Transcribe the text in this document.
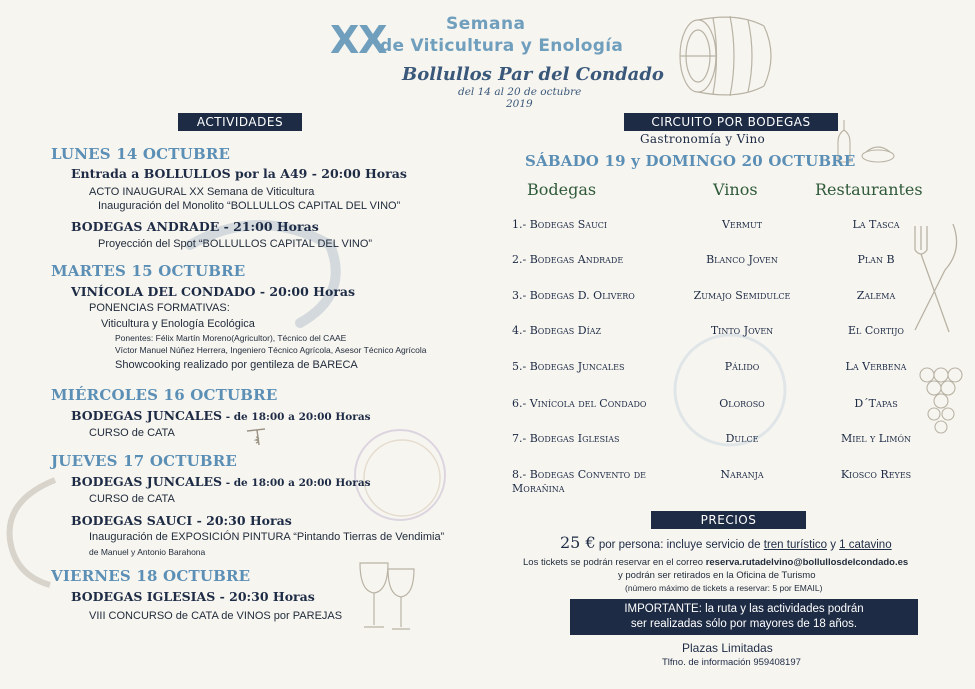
XX	Semana
de Viticultura y Enología
Bollullos Par del Condado
del 14 al 20 de octubre
2019
ACTIVIDADES
LUNES 14 OCTUBRE
Entrada a BOLLULLOS por la A49 - 20:00 Horas
ACTO INAUGURAL XX Semana de Viticultura
Inauguración del Monolito “BOLLULLOS CAPITAL DEL VINO”
BODEGAS ANDRADE - 21:00 Horas
Proyección del Spot “BOLLULLOS CAPITAL DEL VINO”
MARTES 15 OCTUBRE
VINÍCOLA DEL CONDADO - 20:00 Horas
PONENCIAS FORMATIVAS:
Viticultura y Enología Ecológica
Ponentes: Félix Martín Moreno(Agricultor), Técnico del CAAE
Víctor Manuel Núñez Herrera, Ingeniero Técnico Agrícola, Asesor Técnico Agrícola
Showcooking realizado por gentileza de BARECA
MIÉRCOLES 16 OCTUBRE
BODEGAS JUNCALES - de 18:00 a 20:00 Horas
CURSO de CATA
JUEVES 17 OCTUBRE
BODEGAS JUNCALES - de 18:00 a 20:00 Horas
CURSO de CATA
BODEGAS SAUCI - 20:30 Horas
Inauguración de EXPOSICIÓN PINTURA “Pintando Tierras de Vendimia”
de Manuel y Antonio Barahona
VIERNES 18 OCTUBRE
BODEGAS IGLESIAS - 20:30 Horas
VIII CONCURSO de CATA de VINOS por PAREJAS
CIRCUITO POR BODEGAS
Gastronomía y Vino
SÁBADO 19 y DOMINGO 20 OCTUBRE
Bodegas	Vinos	Restaurantes
1.- Bodegas Sauci	Vermut	La Tasca
2.- Bodegas Andrade	Blanco Joven	Plan B
3.- Bodegas D. Olivero	Zumajo Semidulce	Zalema
4.- Bodegas Díaz	Tinto Joven	El Cortijo
5.- Bodegas Juncales	Pálido	La Verbena
6.- Vinícola del Condado	Oloroso	D´Tapas
7.- Bodegas Iglesias	Dulce	Miel y Limón
8.- Bodegas Convento de
Moraňina
Naranja	Kiosco Reyes
PRECIOS
25 € por persona: incluye servicio de tren turístico y 1 catavino
Los tickets se podrán reservar en el correo reserva.rutadelvino@bollullosdelcondado.es
y podrán ser retirados en la Oficina de Turismo
(número máximo de tickets a reservar: 5 por EMAIL)
IMPORTANTE: la ruta y las actividades podrán
ser realizadas sólo por mayores de 18 años.
Plazas Limitadas
Tlfno. de información 959408197
